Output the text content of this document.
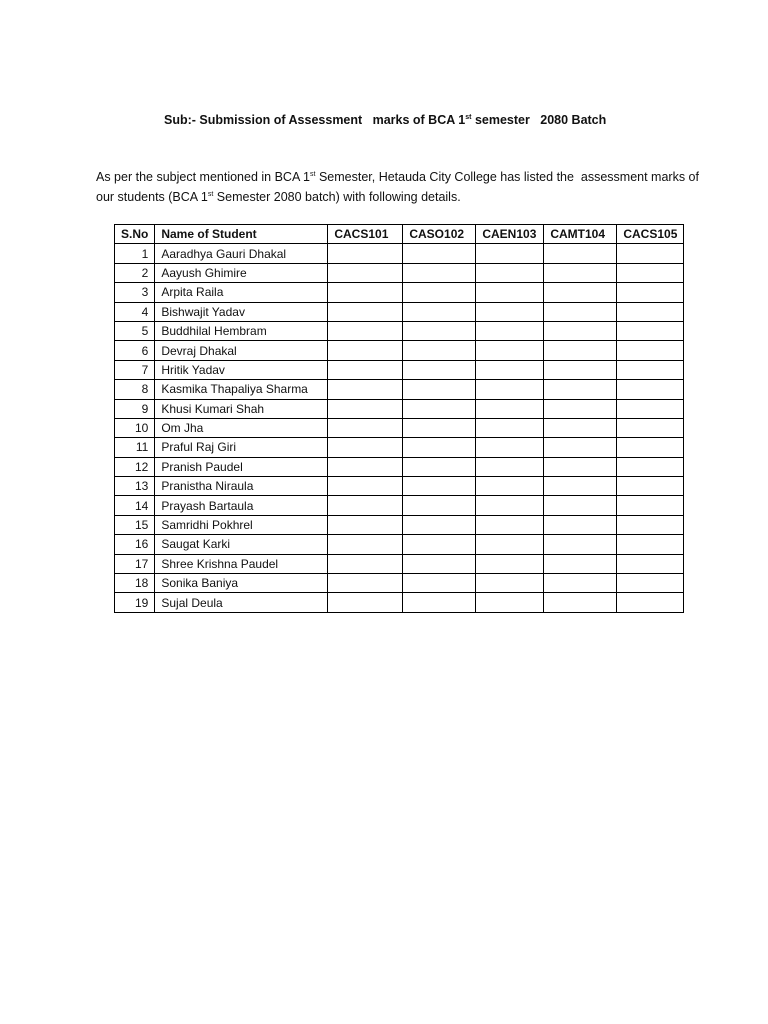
Sub:- Submission of Assessment   marks of BCA 1st semester   2080 Batch
As per the subject mentioned in BCA 1st Semester, Hetauda City College has listed the  assessment marks of
our students (BCA 1st Semester 2080 batch) with following details.
S.No	Name of Student	CACS101	CASO102	CAEN103	CAMT104	CACS105
1	Aaradhya Gauri Dhakal					
2	Aayush Ghimire					
3	Arpita Raila					
4	Bishwajit Yadav					
5	Buddhilal Hembram					
6	Devraj Dhakal					
7	Hritik Yadav					
8	Kasmika Thapaliya Sharma					
9	Khusi Kumari Shah					
10	Om Jha					
11	Praful Raj Giri					
12	Pranish Paudel					
13	Pranistha Niraula					
14	Prayash Bartaula					
15	Samridhi Pokhrel					
16	Saugat Karki					
17	Shree Krishna Paudel					
18	Sonika Baniya					
19	Sujal Deula					
